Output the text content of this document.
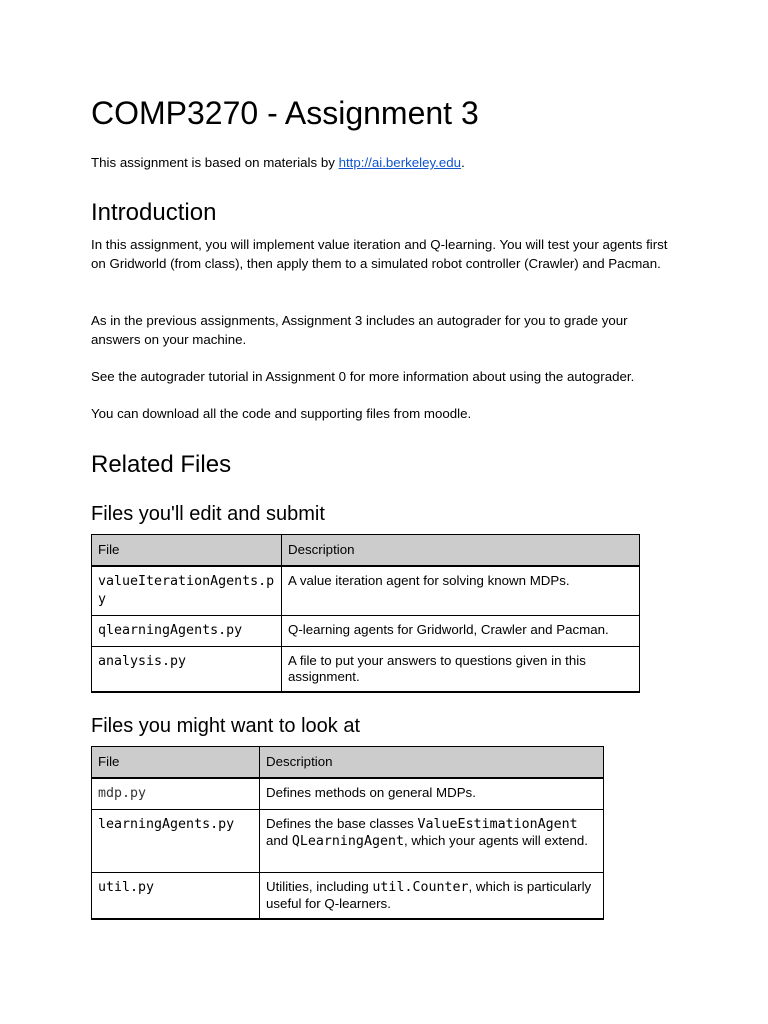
COMP3270 - Assignment 3

This assignment is based on materials by http://ai.berkeley.edu.

Introduction

In this assignment, you will implement value iteration and Q-learning. You will test your agents first on Gridworld (from class), then apply them to a simulated robot controller (Crawler) and Pacman.

As in the previous assignments, Assignment 3 includes an autograder for you to grade your answers on your machine.

See the autograder tutorial in Assignment 0 for more information about using the autograder.

You can download all the code and supporting files from moodle.

Related Files
Files you'll edit and submit
File	Description
valueIterationAgents.py	A value iteration agent for solving known MDPs.
qlearningAgents.py	Q-learning agents for Gridworld, Crawler and Pacman.
analysis.py	A file to put your answers to questions given in this assignment.
Files you might want to look at
File	Description
mdp.py	Defines methods on general MDPs.
learningAgents.py	Defines the base classes ValueEstimationAgent
and QLearningAgent, which your agents will extend.
util.py	Utilities, including util.Counter, which is particularly useful for Q-learners.
